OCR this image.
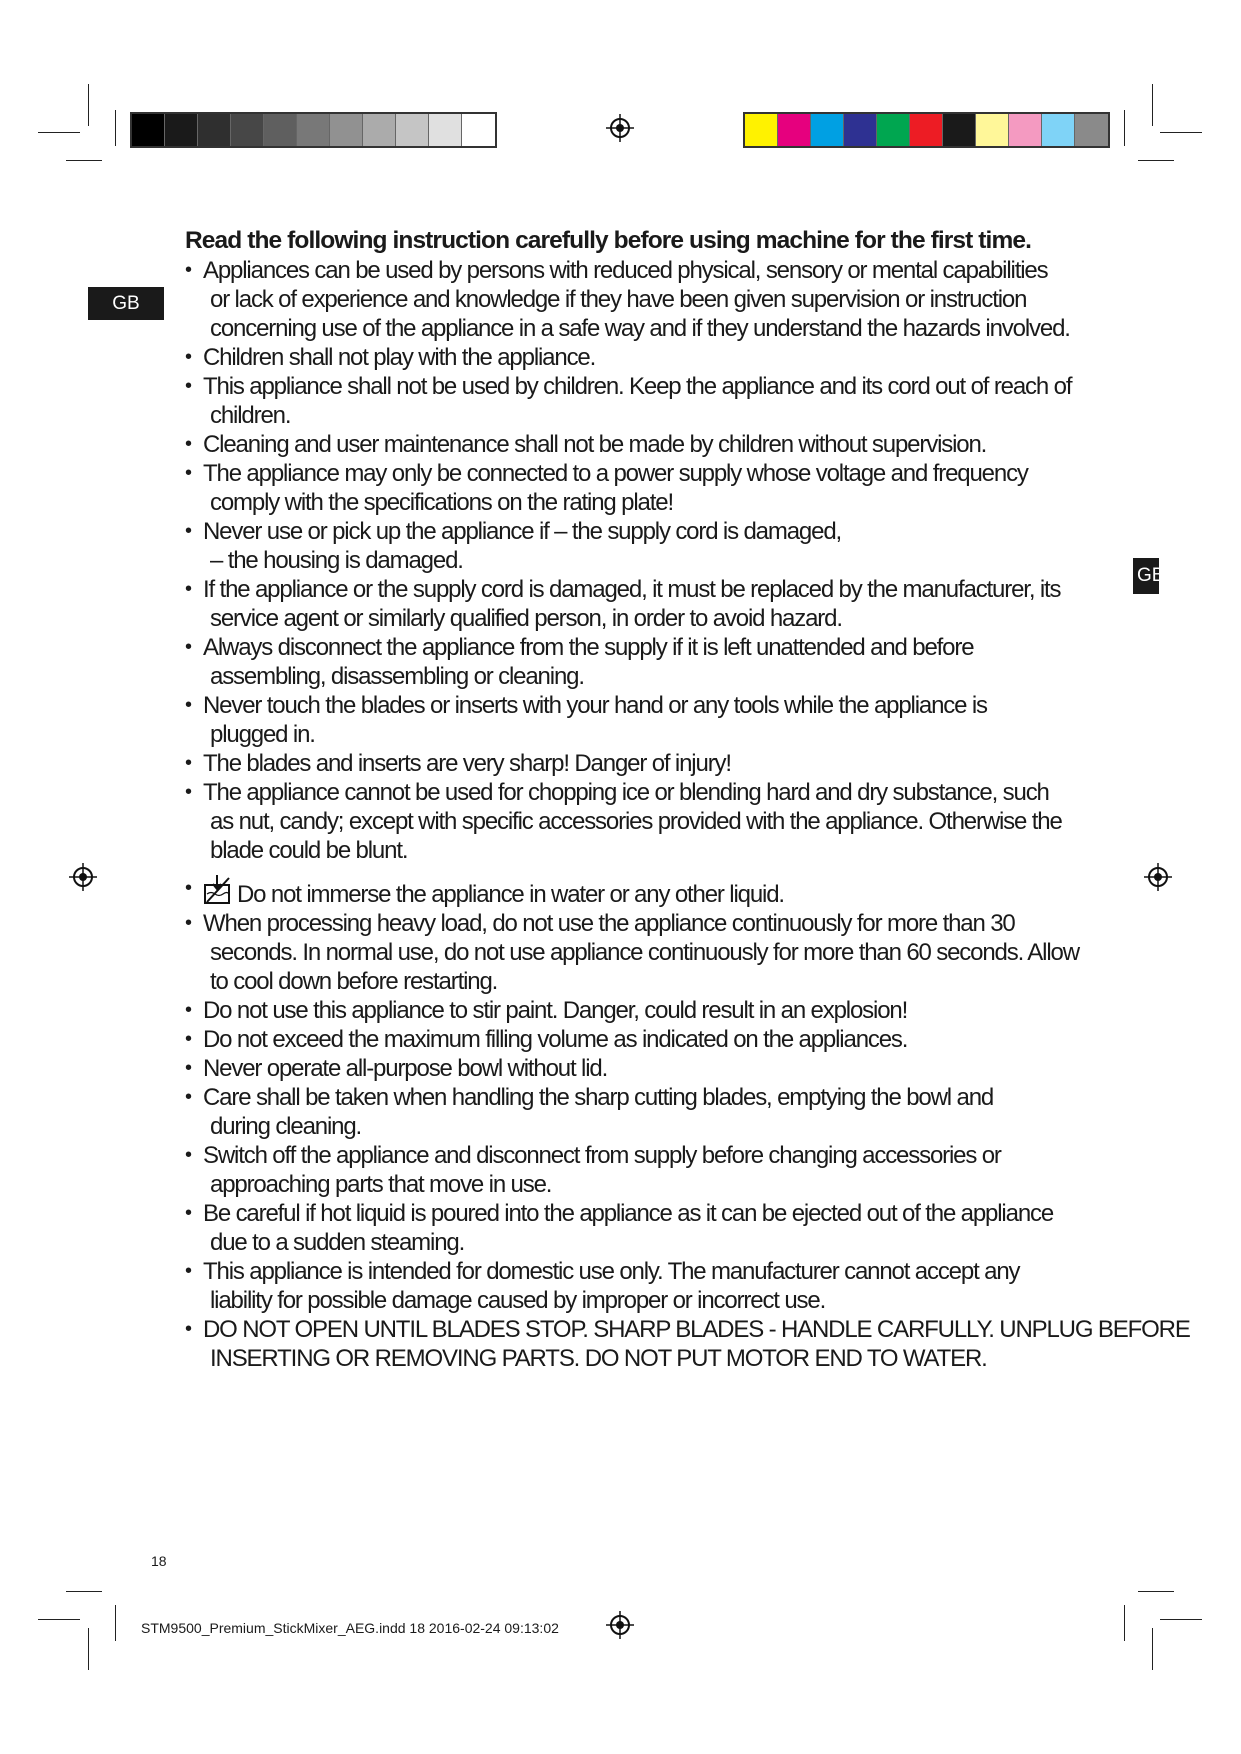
GB
GB
Read the following instruction carefully before using machine for the first time.
• Appliances can be used by persons with reduced physical, sensory or mental capabilities
or lack of experience and knowledge if they have been given supervision or instruction
concerning use of the appliance in a safe way and if they understand the hazards involved.
• Children shall not play with the appliance.
• This appliance shall not be used by children. Keep the appliance and its cord out of reach of
children.
• Cleaning and user maintenance shall not be made by children without supervision.
• The appliance may only be connected to a power supply whose voltage and frequency
comply with the specifications on the rating plate!
• Never use or pick up the appliance if – the supply cord is damaged,
– the housing is damaged.
• If the appliance or the supply cord is damaged, it must be replaced by the manufacturer, its
service agent or similarly qualified person, in order to avoid hazard.
• Always disconnect the appliance from the supply if it is left unattended and before
assembling, disassembling or cleaning.
• Never touch the blades or inserts with your hand or any tools while the appliance is
plugged in.
• The blades and inserts are very sharp! Danger of injury!
• The appliance cannot be used for chopping ice or blending hard and dry substance, such
as nut, candy; except with specific accessories provided with the appliance. Otherwise the
blade could be blunt.
• Do not immerse the appliance in water or any other liquid.
• When processing heavy load, do not use the appliance continuously for more than 30
seconds. In normal use, do not use appliance continuously for more than 60 seconds. Allow
to cool down before restarting.
• Do not use this appliance to stir paint. Danger, could result in an explosion!
• Do not exceed the maximum filling volume as indicated on the appliances.
• Never operate all-purpose bowl without lid.
• Care shall be taken when handling the sharp cutting blades, emptying the bowl and
during cleaning.
• Switch off the appliance and disconnect from supply before changing accessories or
approaching parts that move in use.
• Be careful if hot liquid is poured into the appliance as it can be ejected out of the appliance
due to a sudden steaming.
• This appliance is intended for domestic use only. The manufacturer cannot accept any
liability for possible damage caused by improper or incorrect use.
• DO NOT OPEN UNTIL BLADES STOP. SHARP BLADES - HANDLE CARFULLY. UNPLUG BEFORE
INSERTING OR REMOVING PARTS. DO NOT PUT MOTOR END TO WATER.
18
STM9500_Premium_StickMixer_AEG.indd 18 2016-02-24 09:13:02
